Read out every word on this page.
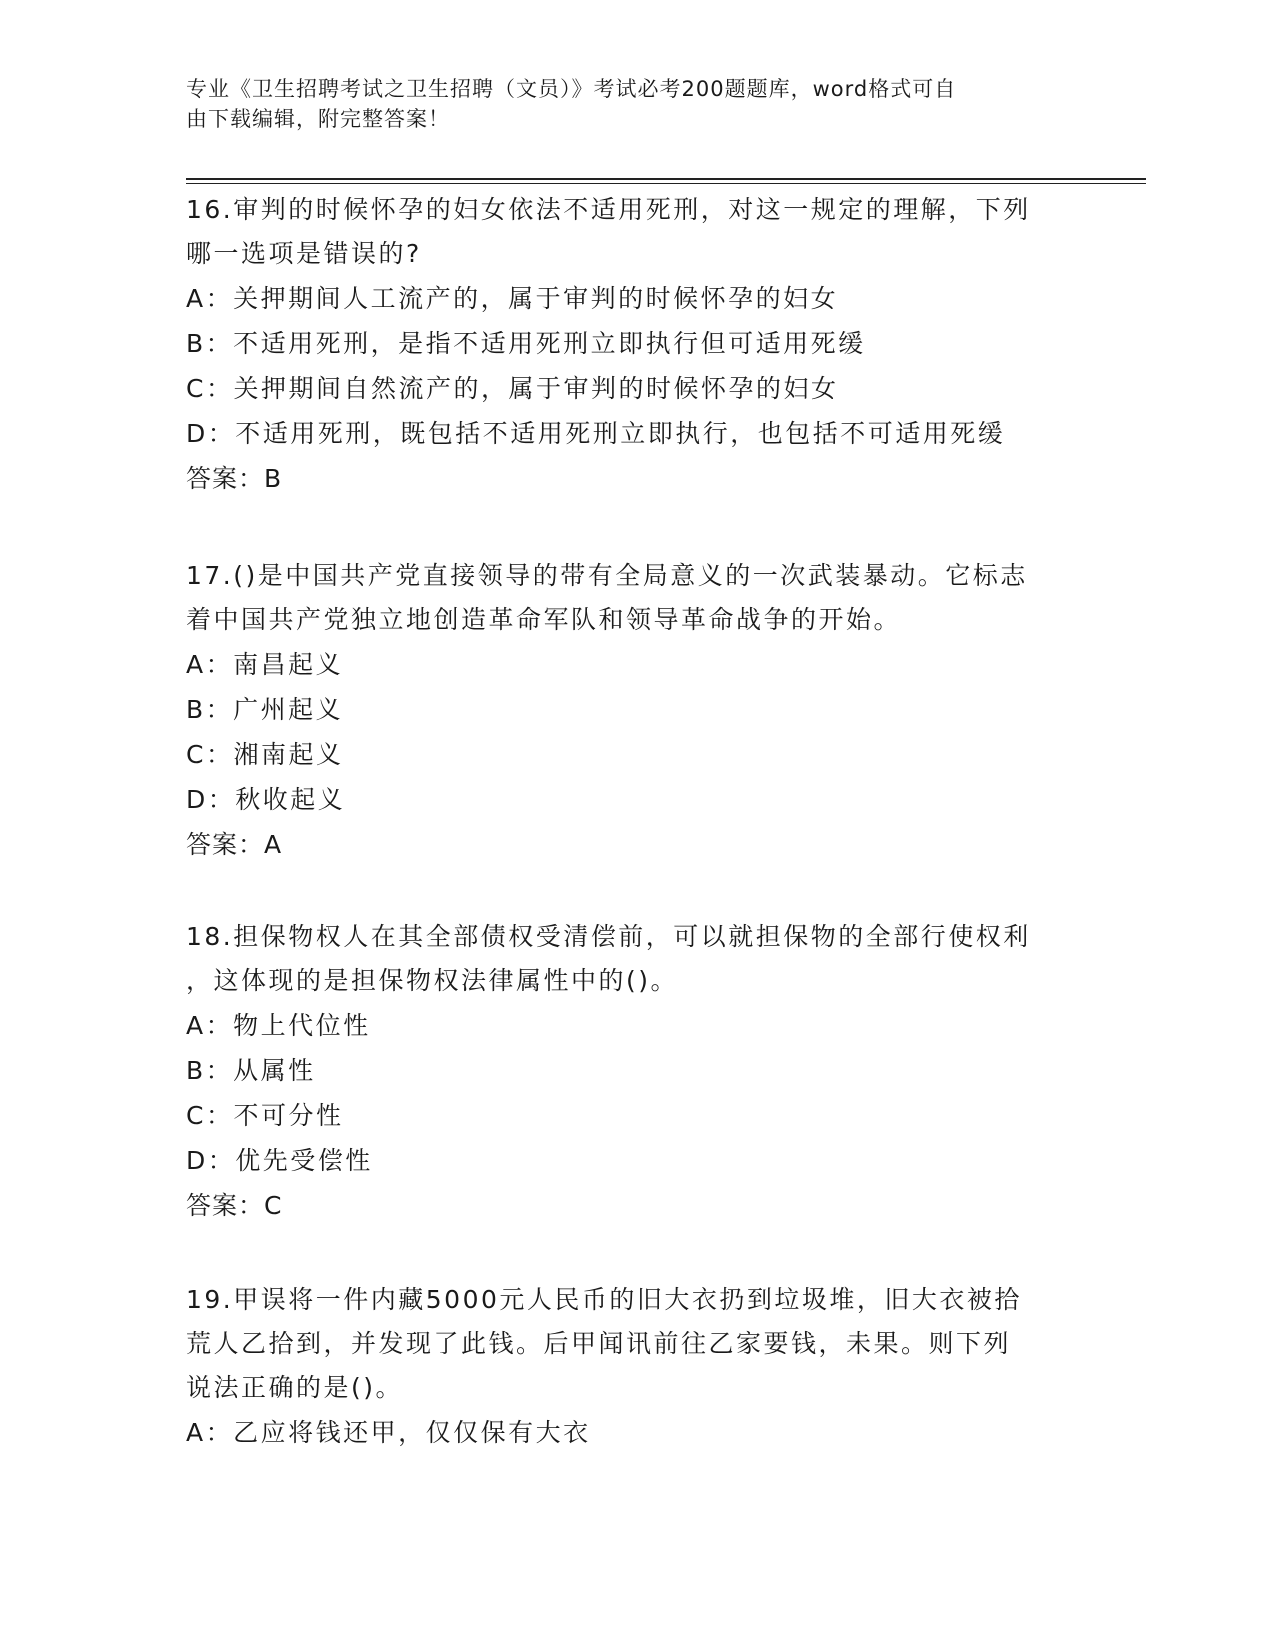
专业《卫生招聘考试之卫生招聘（文员）》考试必考200题题库，word格式可自
由下载编辑，附完整答案！

16.审判的时候怀孕的妇女依法不适用死刑，对这一规定的理解，下列
哪一选项是错误的?

A：关押期间人工流产的，属于审判的时候怀孕的妇女
B：不适用死刑，是指不适用死刑立即执行但可适用死缓
C：关押期间自然流产的，属于审判的时候怀孕的妇女
D：不适用死刑，既包括不适用死刑立即执行，也包括不可适用死缓

答案：B

17.()是中国共产党直接领导的带有全局意义的一次武装暴动。它标志
着中国共产党独立地创造革命军队和领导革命战争的开始。

A：南昌起义
B：广州起义
C：湘南起义
D：秋收起义

答案：A

18.担保物权人在其全部债权受清偿前，可以就担保物的全部行使权利
，这体现的是担保物权法律属性中的()。

A：物上代位性
B：从属性
C：不可分性
D：优先受偿性

答案：C

19.甲误将一件内藏5000元人民币的旧大衣扔到垃圾堆，旧大衣被拾
荒人乙拾到，并发现了此钱。后甲闻讯前往乙家要钱，未果。则下列
说法正确的是()。

A：乙应将钱还甲，仅仅保有大衣
